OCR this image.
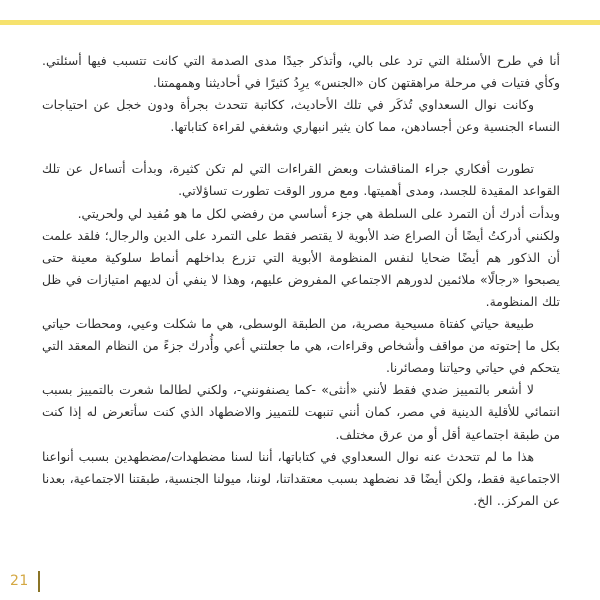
أنا في طرح الأسئلة التي ترد على بالي، وأتذكر جيدًا مدى الصدمة التي كانت تتسبب فيها أسئلتي. وكأي فتيات في مرحلة مراهقتهن كان «الجنس» يرِدُ كثيرًا في أحاديثنا وهمهمتنا.

وكانت نوال السعداوي تُذكَر في تلك الأحاديث، ككاتبة تتحدث بجرأة ودون خجل عن احتياجات النساء الجنسية وعن أجسادهن، مما كان يثير انبهاري وشغفي لقراءة كتاباتها.

تطورت أفكاري جراء المناقشات وبعض القراءات التي لم تكن كثيرة، وبدأت أتساءل عن تلك القواعد المقيدة للجسد، ومدى أهميتها. ومع مرور الوقت تطورت تساؤلاتي.

وبدأت أدرك أن التمرد على السلطة هي جزء أساسي من رفضي لكل ما هو مُفيد لي ولحريتي.

ولكنني أدركتُ أيضًا أن الصراع ضد الأبوية لا يقتصر فقط على التمرد على الدين والرجال؛ فلقد علمت أن الذكور هم أيضًا ضحايا لنفس المنظومة الأبوية التي تزرع بداخلهم أنماط سلوكية معينة حتى يصبحوا «رجالًا» ملائمين لدورهم الاجتماعي المفروض عليهم، وهذا لا ينفي أن لديهم امتيازات في ظل تلك المنظومة.

طبيعة حياتي كفتاة مسيحية مصرية، من الطبقة الوسطى، هي ما شكلت وعيي، ومحطات حياتي بكل ما إحتوته من مواقف وأشخاص وقراءات، هي ما جعلتني أعي وأُدرك جزءً من النظام المعقد التي يتحكم في حياتي وحياتنا ومصائرنا.

لا أشعر بالتمييز ضدي فقط لأنني «أنثى» -كما يصنفونني-، ولكني لطالما شعرت بالتمييز بسبب انتمائي للأقلية الدينية في مصر، كمان أنني تنبهت للتمييز والاضطهاد الذي كنت سأتعرض له إذا كنت من طبقة اجتماعية أقل أو من عرق مختلف.

هذا ما لم تتحدث عنه نوال السعداوي في كتاباتها، أننا لسنا مضطهدات/مضطهدين بسبب أنواعنا الاجتماعية فقط، ولكن أيضًا قد نضطهد بسبب معتقداتنا، لوننا، ميولنا الجنسية، طبقتنا الاجتماعية، بعدنا عن المركز.. الخ.

21
